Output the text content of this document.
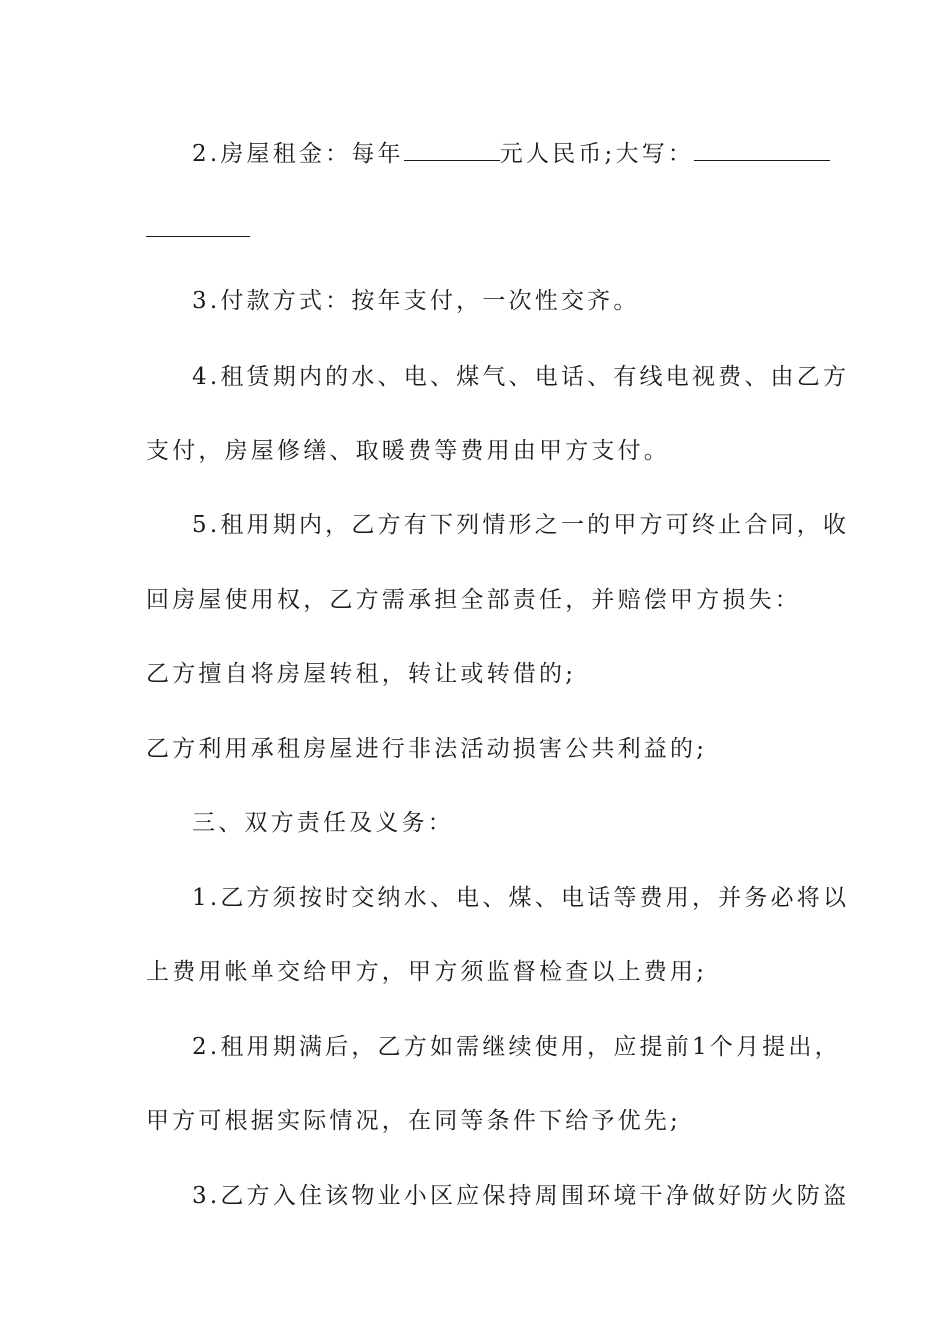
2.房屋租金：每年	元人民币;大写：
3.付款方式：按年支付，一次性交齐。
4.租赁期内的水、电、煤气、电话、有线电视费、由乙方
支付，房屋修缮、取暖费等费用由甲方支付。
5.租用期内，乙方有下列情形之一的甲方可终止合同，收
回房屋使用权，乙方需承担全部责任，并赔偿甲方损失：
乙方擅自将房屋转租，转让或转借的;
乙方利用承租房屋进行非法活动损害公共利益的;
三、双方责任及义务：
1.乙方须按时交纳水、电、煤、电话等费用，并务必将以
上费用帐单交给甲方，甲方须监督检查以上费用;
2.租用期满后，乙方如需继续使用，应提前1个月提出，
甲方可根据实际情况，在同等条件下给予优先;
3.乙方入住该物业小区应保持周围环境干净做好防火防盗
